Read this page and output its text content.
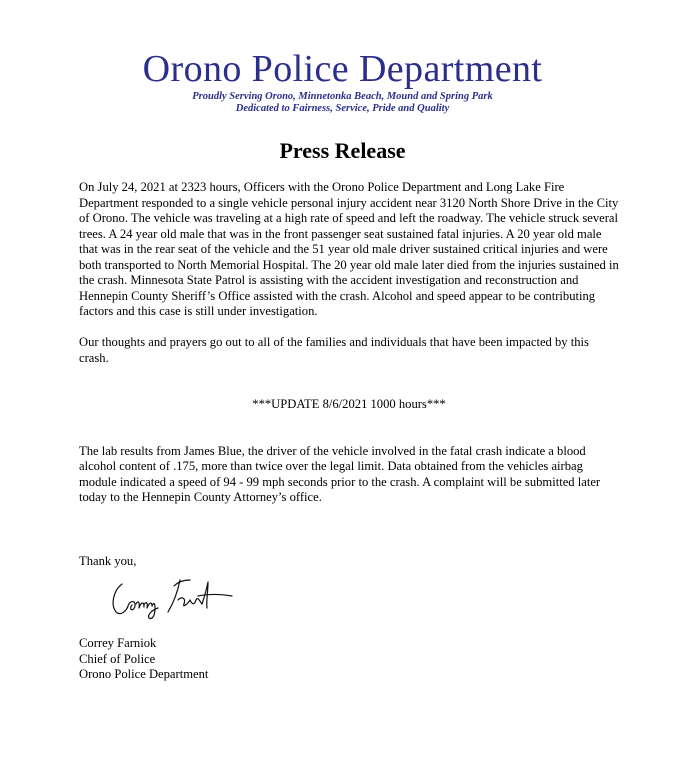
Orono Police Department
Proudly Serving Orono, Minnetonka Beach, Mound and Spring Park
Dedicated to Fairness, Service, Pride and Quality
Press Release

On July 24, 2021 at 2323 hours, Officers with the Orono Police Department and Long Lake Fire Department responded to a single vehicle personal injury accident near 3120 North Shore Drive in the City of Orono. The vehicle was traveling at a high rate of speed and left the roadway. The vehicle struck several trees. A 24 year old male that was in the front passenger seat sustained fatal injuries. A 20 year old male that was in the rear seat of the vehicle and the 51 year old male driver sustained critical injuries and were both transported to North Memorial Hospital. The 20 year old male later died from the injuries sustained in the crash. Minnesota State Patrol is assisting with the accident investigation and reconstruction and Hennepin County Sheriff’s Office assisted with the crash. Alcohol and speed appear to be contributing factors and this case is still under investigation.

Our thoughts and prayers go out to all of the families and individuals that have been impacted by this crash.

***UPDATE 8/6/2021 1000 hours***

The lab results from James Blue, the driver of the vehicle involved in the fatal crash indicate a blood alcohol content of .175, more than twice over the legal limit. Data obtained from the vehicles airbag module indicated a speed of 94 - 99 mph seconds prior to the crash. A complaint will be submitted later today to the Hennepin County Attorney’s office.

Thank you,
Correy Farniok
Chief of Police
Orono Police Department
